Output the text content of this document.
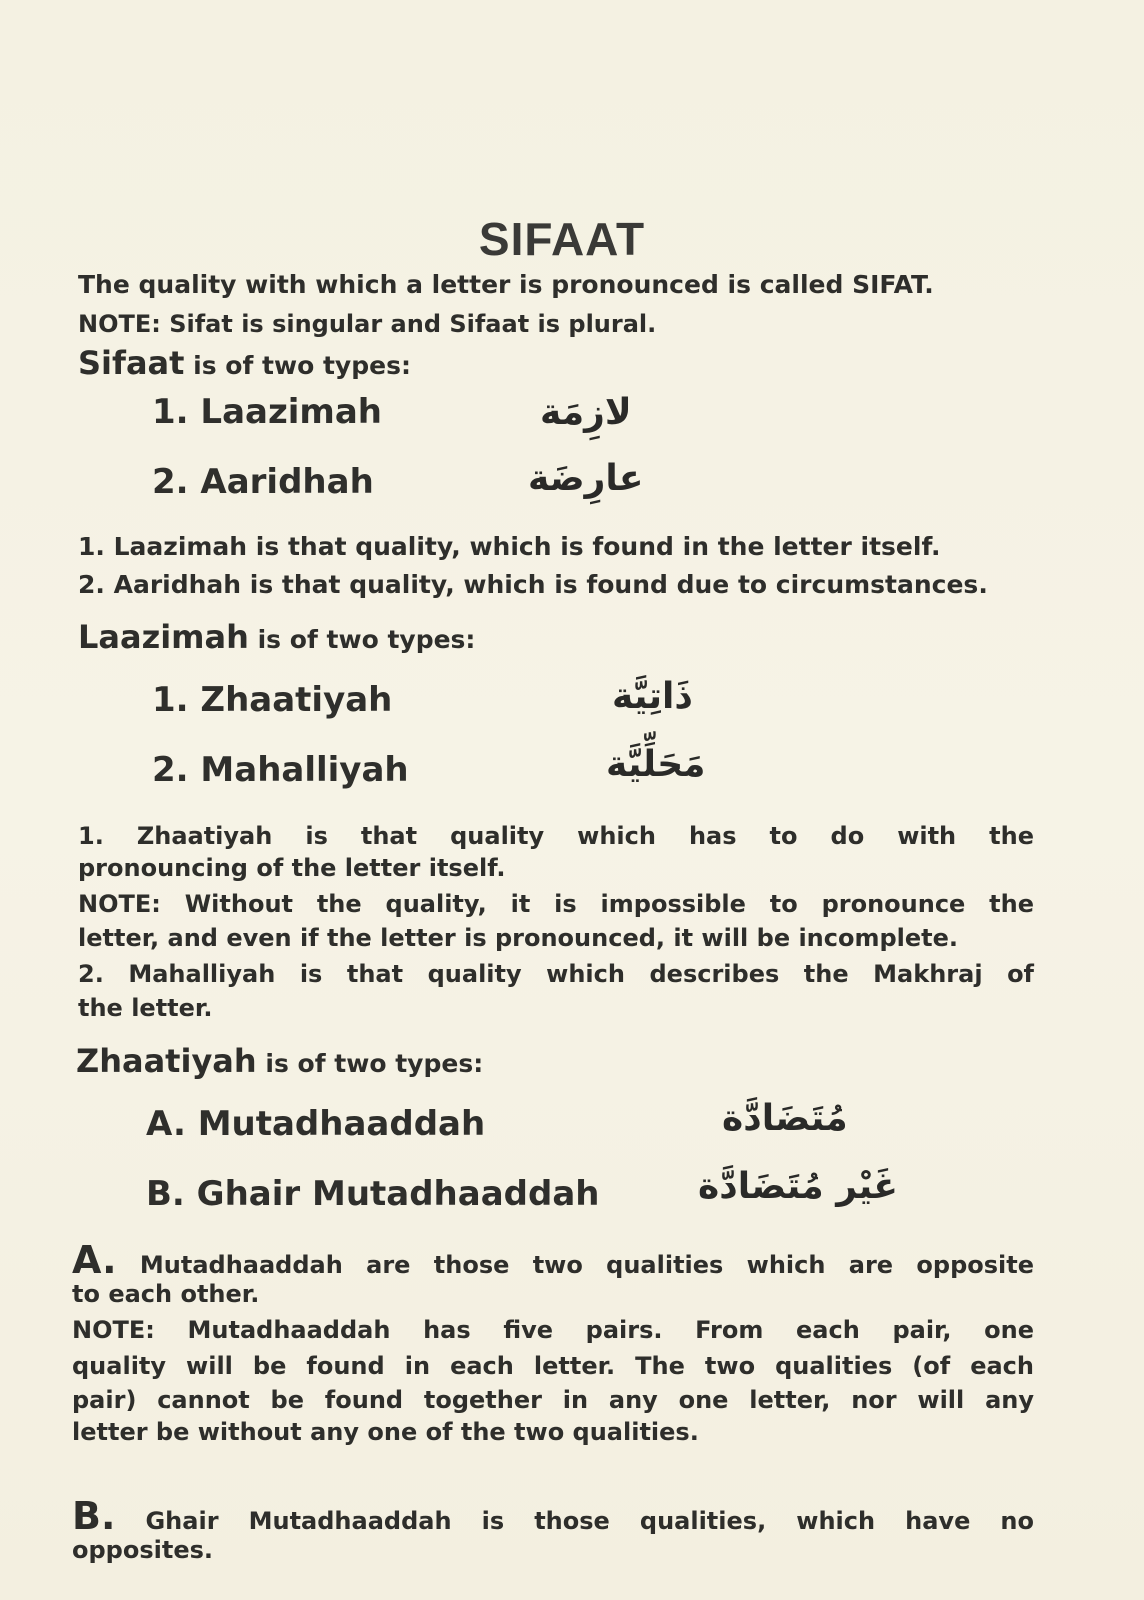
SIFAAT
The quality with which a letter is pronounced is called SIFAT.
NOTE: Sifat is singular and Sifaat is plural.
Sifaat is of two types:
1. Laazimah	لازِمَة
2. Aaridhah	عارِضَة
1. Laazimah is that quality, which is found in the letter itself.
2. Aaridhah is that quality, which is found due to circumstances.
Laazimah is of two types:
1. Zhaatiyah	ذَاتِيَّة
2. Mahalliyah	مَحَلِّيَّة
1. Zhaatiyah is that quality which has to do with the
pronouncing of the letter itself.
NOTE: Without the quality, it is impossible to pronounce the
letter, and even if the letter is pronounced, it will be incomplete.
2. Mahalliyah is that quality which describes the Makhraj of
the letter.
Zhaatiyah is of two types:
A. Mutadhaaddah	مُتَضَادَّة
B. Ghair Mutadhaaddah	غَيْر مُتَضَادَّة
A. Mutadhaaddah are those two qualities which are opposite
to each other.
NOTE: Mutadhaaddah has five pairs. From each pair, one
quality will be found in each letter. The two qualities (of each
pair) cannot be found together in any one letter, nor will any
letter be without any one of the two qualities.
B. Ghair Mutadhaaddah is those qualities, which have no
opposites.
